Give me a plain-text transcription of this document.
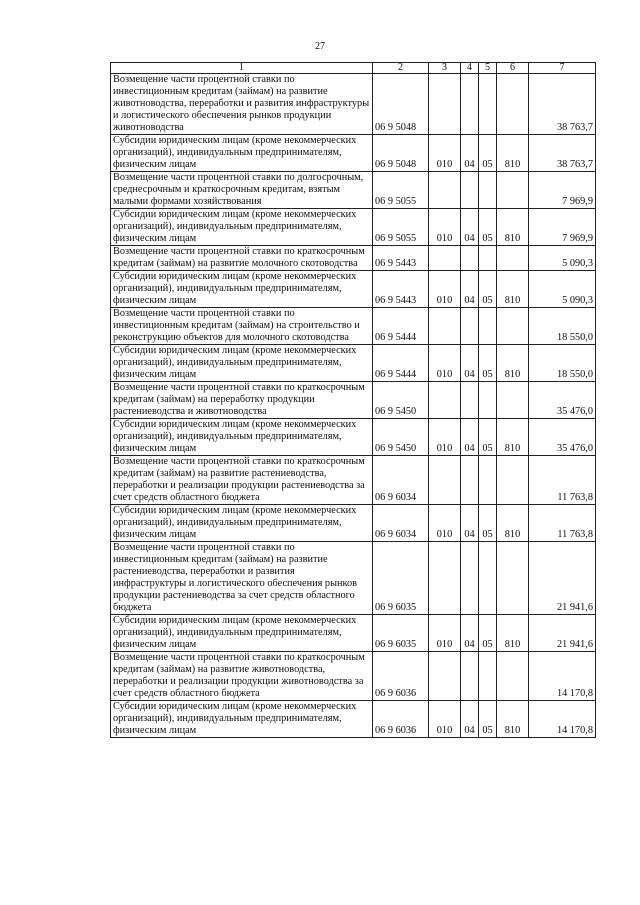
27
1	2	3	4	5	6	7
Возмещение части процентной ставки по инвестиционным кредитам (займам) на развитие животноводства, переработки и развития инфраструктуры и логистического обеспечения рынков продукции животноводства	06 9 5048					38 763,7
Субсидии юридическим лицам (кроме некоммерческих организаций), индивидуальным предпринимателям, физическим лицам	06 9 5048	010	04	05	810	38 763,7
Возмещение части процентной ставки по долгосрочным, среднесрочным и краткосрочным кредитам, взятым малыми формами хозяйствования	06 9 5055					7 969,9
Субсидии юридическим лицам (кроме некоммерческих организаций), индивидуальным предпринимателям, физическим лицам	06 9 5055	010	04	05	810	7 969,9
Возмещение части процентной ставки по краткосрочным кредитам (займам) на развитие молочного скотоводства	06 9 5443					5 090,3
Субсидии юридическим лицам (кроме некоммерческих организаций), индивидуальным предпринимателям, физическим лицам	06 9 5443	010	04	05	810	5 090,3
Возмещение части процентной ставки по инвестиционным кредитам (займам) на строительство и реконструкцию объектов для молочного скотоводства	06 9 5444					18 550,0
Субсидии юридическим лицам (кроме некоммерческих организаций), индивидуальным предпринимателям, физическим лицам	06 9 5444	010	04	05	810	18 550,0
Возмещение части процентной ставки по краткосрочным кредитам (займам) на переработку продукции растениеводства и животноводства	06 9 5450					35 476,0
Субсидии юридическим лицам (кроме некоммерческих организаций), индивидуальным предпринимателям, физическим лицам	06 9 5450	010	04	05	810	35 476,0
Возмещение части процентной ставки по краткосрочным кредитам (займам) на развитие растениеводства, переработки и реализации продукции растениеводства за счет средств областного бюджета	06 9 6034					11 763,8
Субсидии юридическим лицам (кроме некоммерческих организаций), индивидуальным предпринимателям, физическим лицам	06 9 6034	010	04	05	810	11 763,8
Возмещение части процентной ставки по инвестиционным кредитам (займам) на развитие растениеводства, переработки и развития инфраструктуры и логистического обеспечения рынков продукции растениеводства за счет средств областного бюджета	06 9 6035					21 941,6
Субсидии юридическим лицам (кроме некоммерческих организаций), индивидуальным предпринимателям, физическим лицам	06 9 6035	010	04	05	810	21 941,6
Возмещение части процентной ставки по краткосрочным кредитам (займам) на развитие животноводства, переработки и реализации продукции животноводства за счет средств областного бюджета	06 9 6036					14 170,8
Субсидии юридическим лицам (кроме некоммерческих организаций), индивидуальным предпринимателям, физическим лицам	06 9 6036	010	04	05	810	14 170,8
